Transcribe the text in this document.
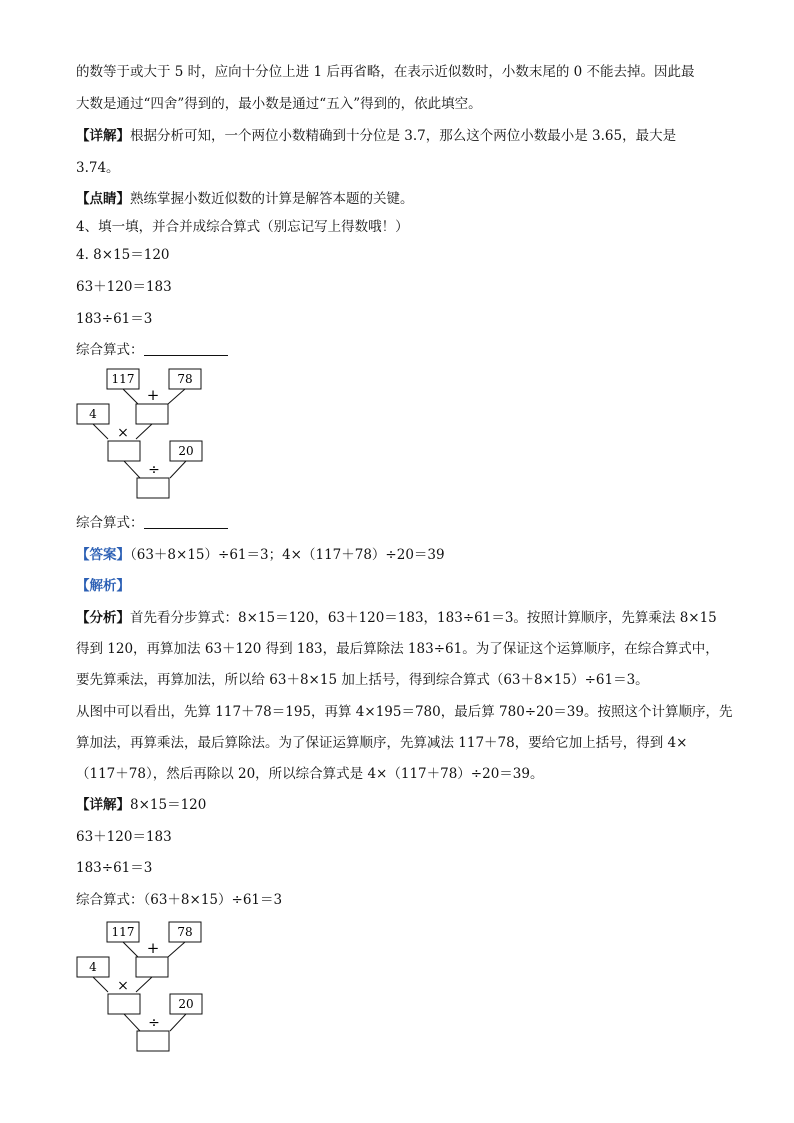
的数等于或大于 5 时，应向十分位上进 1 后再省略，在表示近似数时，小数末尾的 0 不能去掉。因此最
大数是通过“四舍”得到的，最小数是通过“五入”得到的，依此填空。
【详解】根据分析可知，一个两位小数精确到十分位是 3.7，那么这个两位小数最小是 3.65，最大是
3.74。
【点睛】熟练掌握小数近似数的计算是解答本题的关键。
4、填一填，并合并成综合算式（别忘记写上得数哦！）
4. 8×15＝120
63＋120＝183
183÷61＝3
综合算式：
117	78
+
4
×
20
÷
综合算式：
【答案】（63＋8×15）÷61＝3；4×（117＋78）÷20＝39
【解析】
【分析】首先看分步算式：8×15＝120，63＋120＝183，183÷61＝3。按照计算顺序，先算乘法 8×15
得到 120，再算加法 63＋120 得到 183，最后算除法 183÷61。为了保证这个运算顺序，在综合算式中，
要先算乘法，再算加法，所以给 63＋8×15 加上括号，得到综合算式（63＋8×15）÷61＝3。
从图中可以看出，先算 117＋78＝195，再算 4×195＝780，最后算 780÷20＝39。按照这个计算顺序，先
算加法，再算乘法，最后算除法。为了保证运算顺序，先算减法 117＋78，要给它加上括号，得到 4×
（117＋78），然后再除以 20，所以综合算式是 4×（117＋78）÷20＝39。
【详解】8×15＝120
63＋120＝183
183÷61＝3
综合算式：（63＋8×15）÷61＝3
117	78
+
4
×
20
÷
